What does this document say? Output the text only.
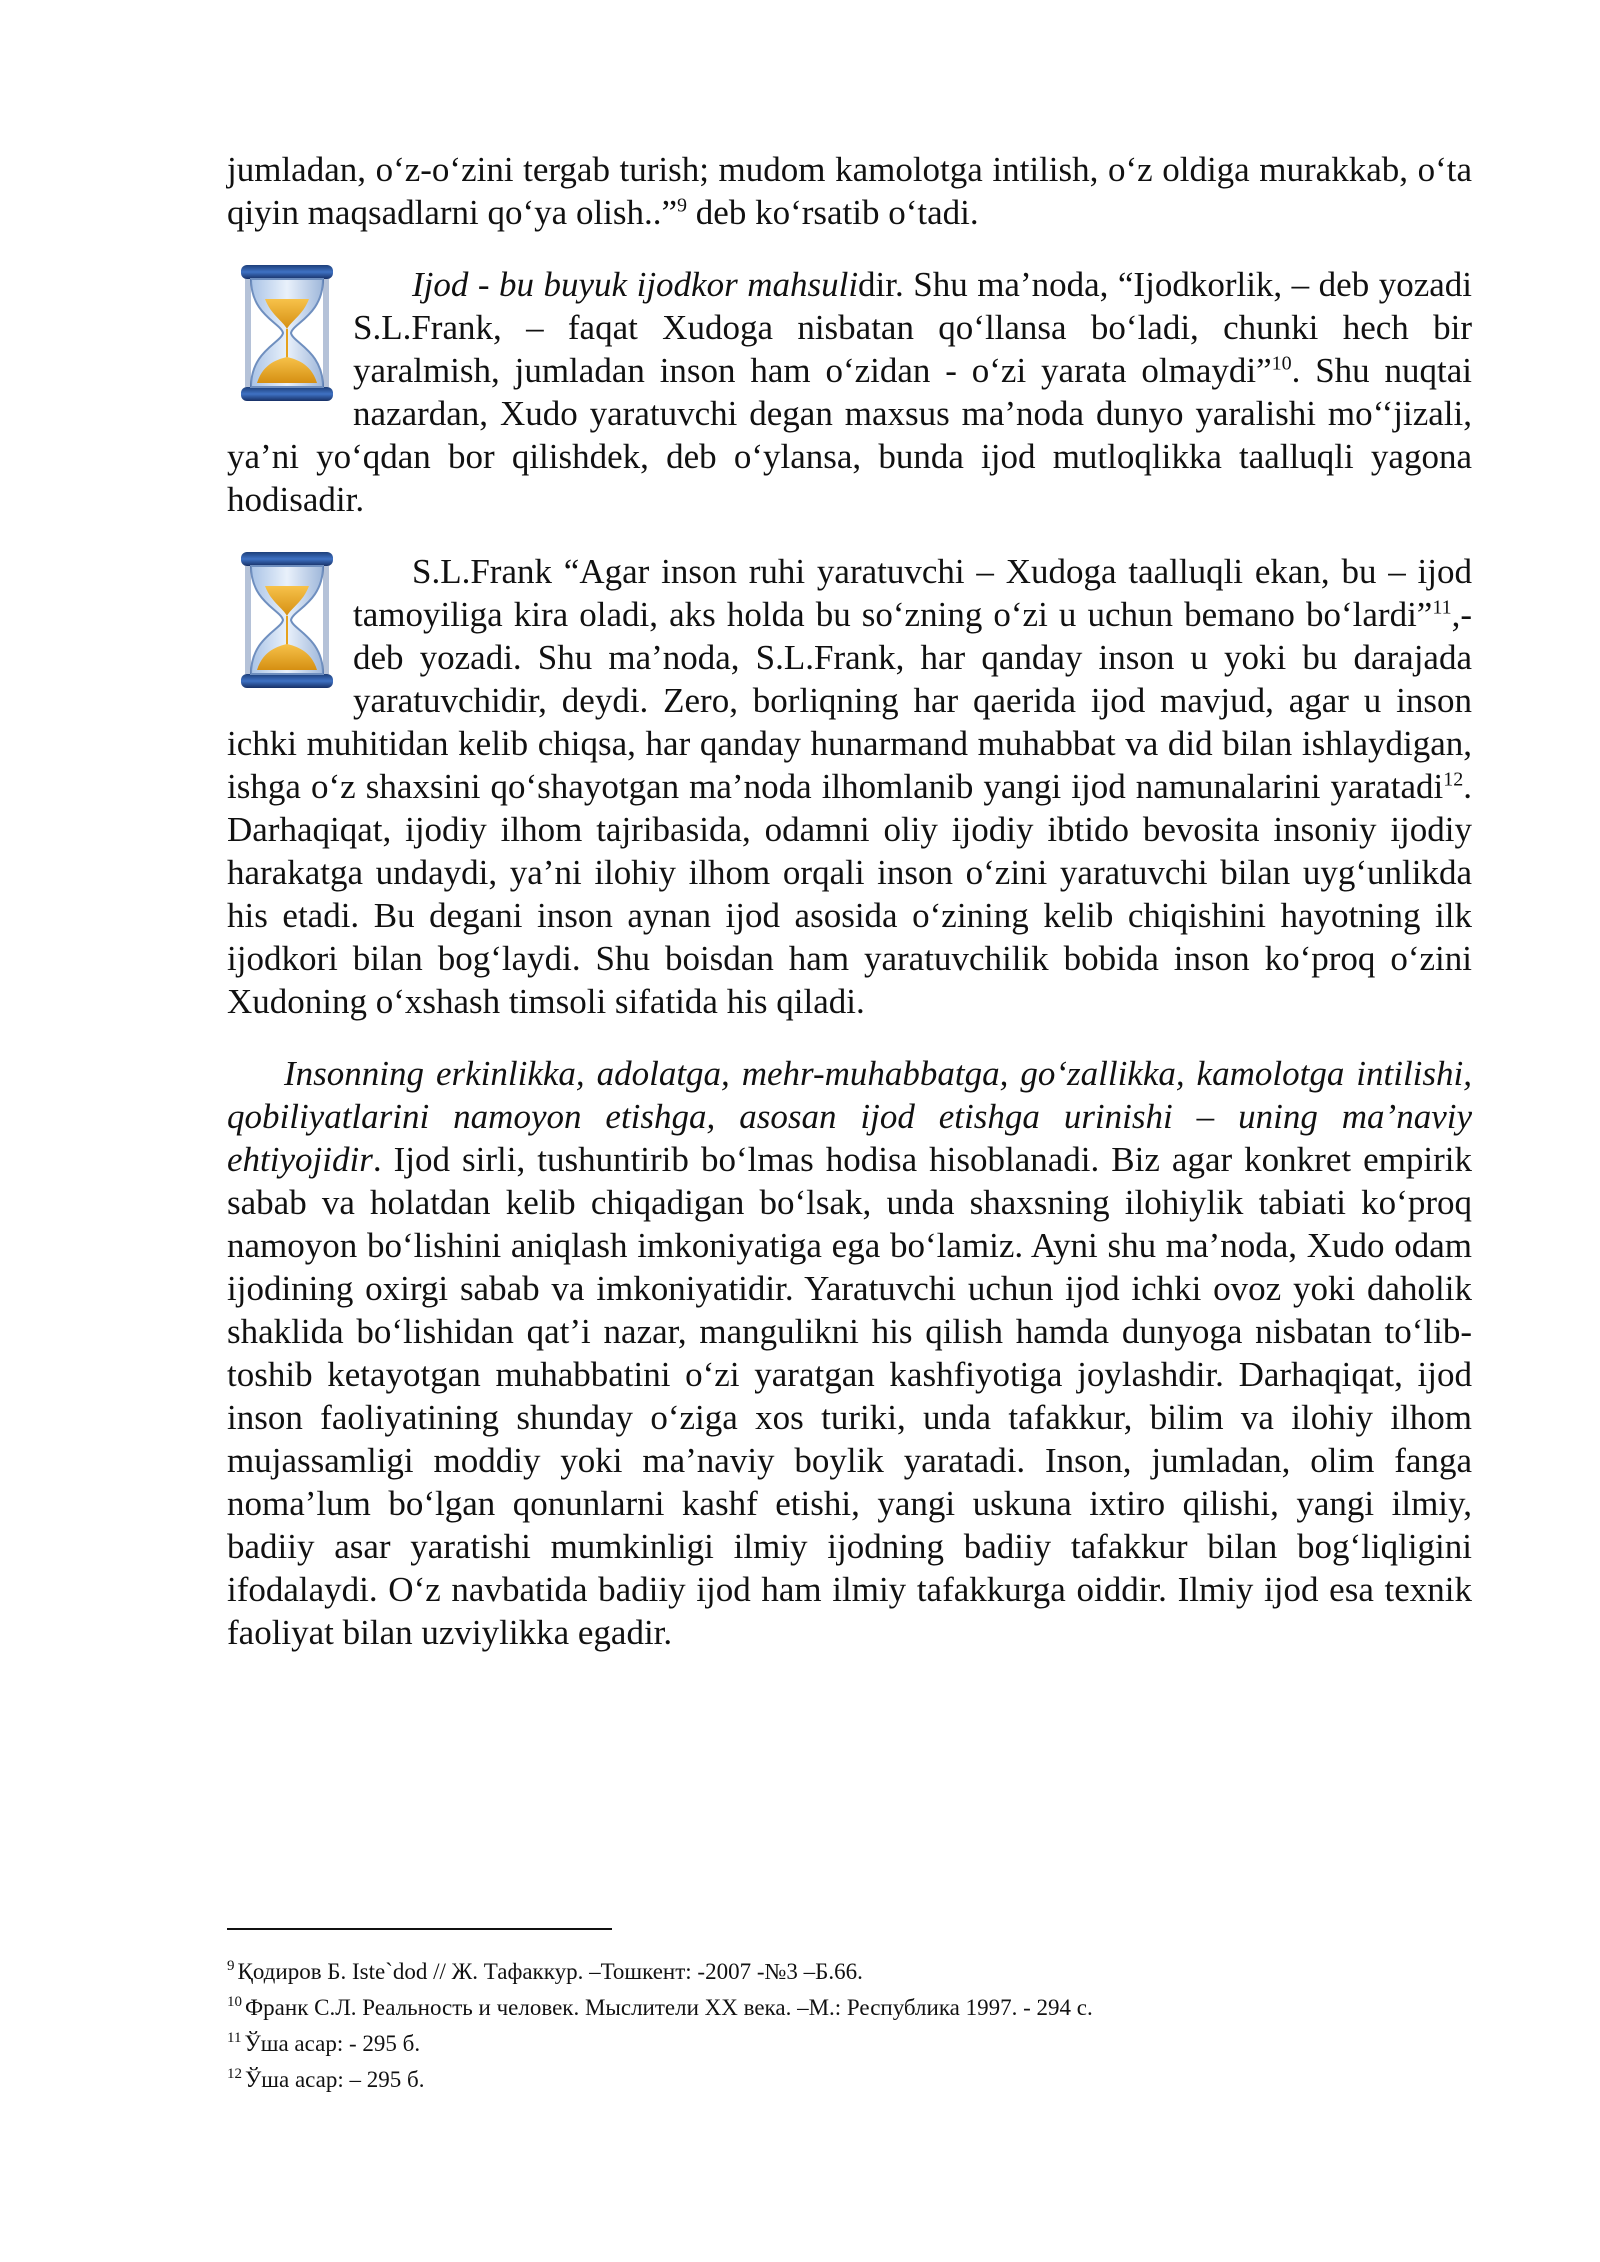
jumladan, o‘z-o‘zini tergab turish; mudom kamolotga intilish, o‘z oldiga murakkab, o‘ta qiyin maqsadlarni qo‘ya olish..”$^9$ deb ko‘rsatib o‘tadi.

Ijod - bu buyuk ijodkor mahsulidir. Shu ma’noda, “Ijodkorlik, – deb yozadi S.L.Frank, – faqat Xudoga nisbatan qo‘llansa bo‘ladi, chunki hech bir yaralmish, jumladan inson ham o‘zidan - o‘zi yarata olmaydi”$^{10}$. Shu nuqtai nazardan, Xudo yaratuvchi degan maxsus ma’noda dunyo yaralishi mo‘‘jizali, ya’ni yo‘qdan bor qilishdek, deb o‘ylansa, bunda ijod mutloqlikka taalluqli yagona hodisadir.

S.L.Frank “Agar inson ruhi yaratuvchi – Xudoga taalluqli ekan, bu – ijod tamoyiliga kira oladi, aks holda bu so‘zning o‘zi u uchun bemano bo‘lardi”$^{11}$,- deb yozadi. Shu ma’noda, S.L.Frank, har qanday inson u yoki bu darajada yaratuvchidir, deydi. Zero, borliqning har qaerida ijod mavjud, agar u inson ichki muhitidan kelib chiqsa, har qanday hunarmand muhabbat va did bilan ishlaydigan, ishga o‘z shaxsini qo‘shayotgan ma’noda ilhomlanib yangi ijod namunalarini yaratadi$^{12}$. Darhaqiqat, ijodiy ilhom tajribasida, odamni oliy ijodiy ibtido bevosita insoniy ijodiy harakatga undaydi, ya’ni ilohiy ilhom orqali inson o‘zini yaratuvchi bilan uyg‘unlikda his etadi. Bu degani inson aynan ijod asosida o‘zining kelib chiqishini hayotning ilk ijodkori bilan bog‘laydi. Shu boisdan ham yaratuvchilik bobida inson ko‘proq o‘zini Xudoning o‘xshash timsoli sifatida his qiladi.

Insonning erkinlikka, adolatga, mehr-muhabbatga, go‘zallikka, kamolotga intilishi, qobiliyatlarini namoyon etishga, asosan ijod etishga urinishi – uning ma’naviy ehtiyojidir. Ijod sirli, tushuntirib bo‘lmas hodisa hisoblanadi. Biz agar konkret empirik sabab va holatdan kelib chiqadigan bo‘lsak, unda shaxsning ilohiylik tabiati ko‘proq namoyon bo‘lishini aniqlash imkoniyatiga ega bo‘lamiz. Ayni shu ma’noda, Xudo odam ijodining oxirgi sabab va imkoniyatidir. Yaratuvchi uchun ijod ichki ovoz yoki daholik shaklida bo‘lishidan qat’i nazar, mangulikni his qilish hamda dunyoga nisbatan to‘lib-toshib ketayotgan muhabbatini o‘zi yaratgan kashfiyotiga joylashdir. Darhaqiqat, ijod inson faoliyatining shunday o‘ziga xos turiki, unda tafakkur, bilim va ilohiy ilhom mujassamligi moddiy yoki ma’naviy boylik yaratadi. Inson, jumladan, olim fanga noma’lum bo‘lgan qonunlarni kashf etishi, yangi uskuna ixtiro qilishi, yangi ilmiy, badiiy asar yaratishi mumkinligi ilmiy ijodning badiiy tafakkur bilan bog‘liqligini ifodalaydi. O‘z navbatida badiiy ijod ham ilmiy tafakkurga oiddir. Ilmiy ijod esa texnik faoliyat bilan uzviylikka egadir.

$^9$ Қодиров Б. Iste`dod // Ж. Тафаккур. –Тошкент: -2007 -№3 –Б.66.
$^{10}$ Франк С.Л. Реальность и человек. Мыслители XX века. –М.: Республика 1997. - 294 с.
$^{11}$ Ўша асар: - 295 б.
$^{12}$ Ўша асар: – 295 б.
